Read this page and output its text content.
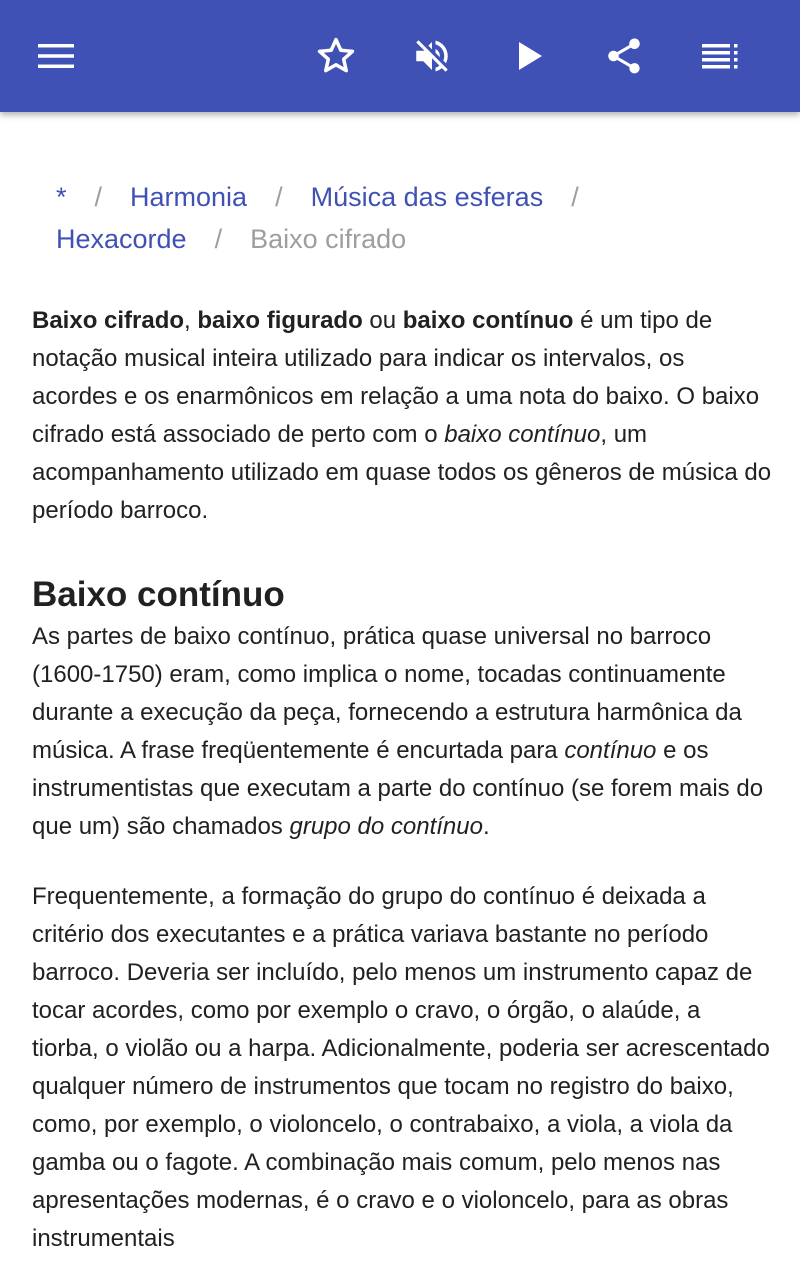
* / Harmonia / Música das esferas /
Hexacorde / Baixo cifrado

Baixo cifrado, baixo figurado ou baixo contínuo é um tipo de notação musical inteira utilizado para indicar os intervalos, os acordes e os enarmônicos em relação a uma nota do baixo. O baixo cifrado está associado de perto com o baixo contínuo, um acompanhamento utilizado em quase todos os gêneros de música do período barroco.

Baixo contínuo

As partes de baixo contínuo, prática quase universal no barroco (1600-1750) eram, como implica o nome, tocadas continuamente durante a execução da peça, fornecendo a estrutura harmônica da música. A frase freqüentemente é encurtada para contínuo e os instrumentistas que executam a parte do contínuo (se forem mais do que um) são chamados grupo do contínuo.

Frequentemente, a formação do grupo do contínuo é deixada a critério dos executantes e a prática variava bastante no período barroco. Deveria ser incluído, pelo menos um instrumento capaz de tocar acordes, como por exemplo o cravo, o órgão, o alaúde, a tiorba, o violão ou a harpa. Adicionalmente, poderia ser acrescentado qualquer número de instrumentos que tocam no registro do baixo, como, por exemplo, o violoncelo, o contrabaixo, a viola, a viola da gamba ou o fagote. A combinação mais comum, pelo menos nas apresentações modernas, é o cravo e o violoncelo, para as obras instrumentais
